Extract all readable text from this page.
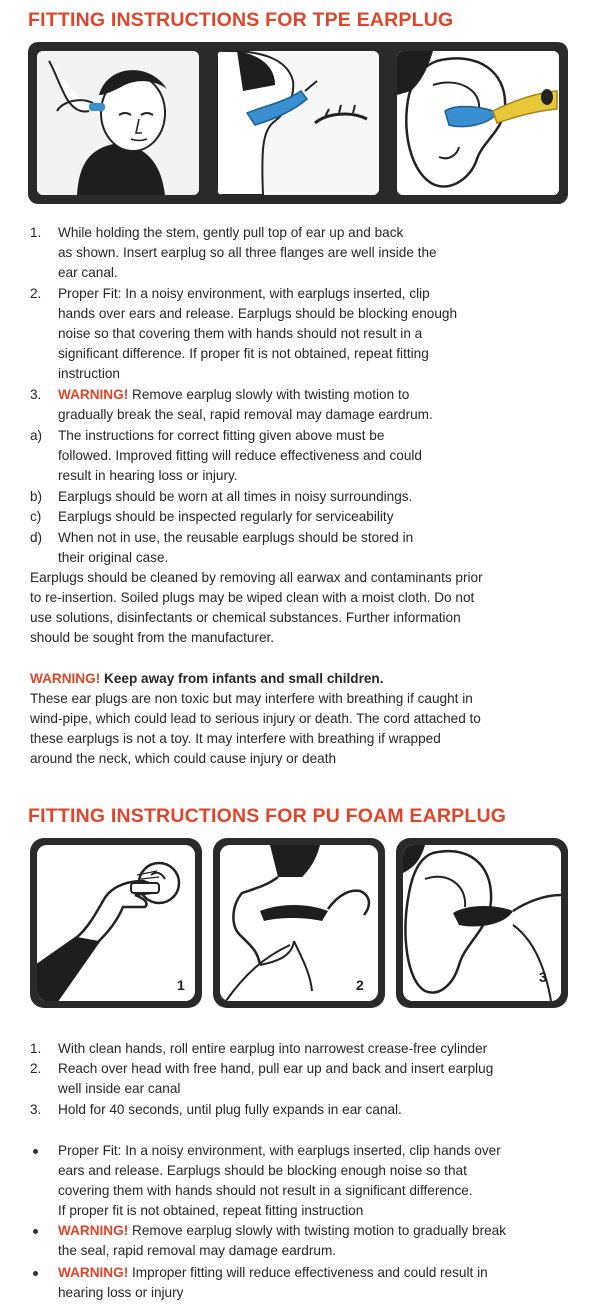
FITTING INSTRUCTIONS FOR TPE EARPLUG
1. While holding the stem, gently pull top of ear up and back
as shown. Insert earplug so all three flanges are well inside the
ear canal.
2. Proper Fit: In a noisy environment, with earplugs inserted, clip
hands over ears and release. Earplugs should be blocking enough
noise so that covering them with hands should not result in a
significant difference. If proper fit is not obtained, repeat fitting
instruction
3. WARNING! Remove earplug slowly with twisting motion to
gradually break the seal, rapid removal may damage eardrum.
a) The instructions for correct fitting given above must be
followed. Improved fitting will reduce effectiveness and could
result in hearing loss or injury.
b) Earplugs should be worn at all times in noisy surroundings.
c) Earplugs should be inspected regularly for serviceability
d) When not in use, the reusable earplugs should be stored in
their original case.
Earplugs should be cleaned by removing all earwax and contaminants prior
to re-insertion. Soiled plugs may be wiped clean with a moist cloth. Do not
use solutions, disinfectants or chemical substances. Further information
should be sought from the manufacturer.
WARNING! Keep away from infants and small children.
These ear plugs are non toxic but may interfere with breathing if caught in
wind-pipe, which could lead to serious injury or death. The cord attached to
these earplugs is not a toy. It may interfere with breathing if wrapped
around the neck, which could cause injury or death
FITTING INSTRUCTIONS FOR PU FOAM EARPLUG
1	2	3
1. With clean hands, roll entire earplug into narrowest crease-free cylinder
2. Reach over head with free hand, pull ear up and back and insert earplug
well inside ear canal
3. Hold for 40 seconds, until plug fully expands in ear canal.
Proper Fit: In a noisy environment, with earplugs inserted, clip hands over
ears and release. Earplugs should be blocking enough noise so that
covering them with hands should not result in a significant difference.
If proper fit is not obtained, repeat fitting instruction
WARNING! Remove earplug slowly with twisting motion to gradually break
the seal, rapid removal may damage eardrum.
WARNING! Improper fitting will reduce effectiveness and could result in
hearing loss or injury
